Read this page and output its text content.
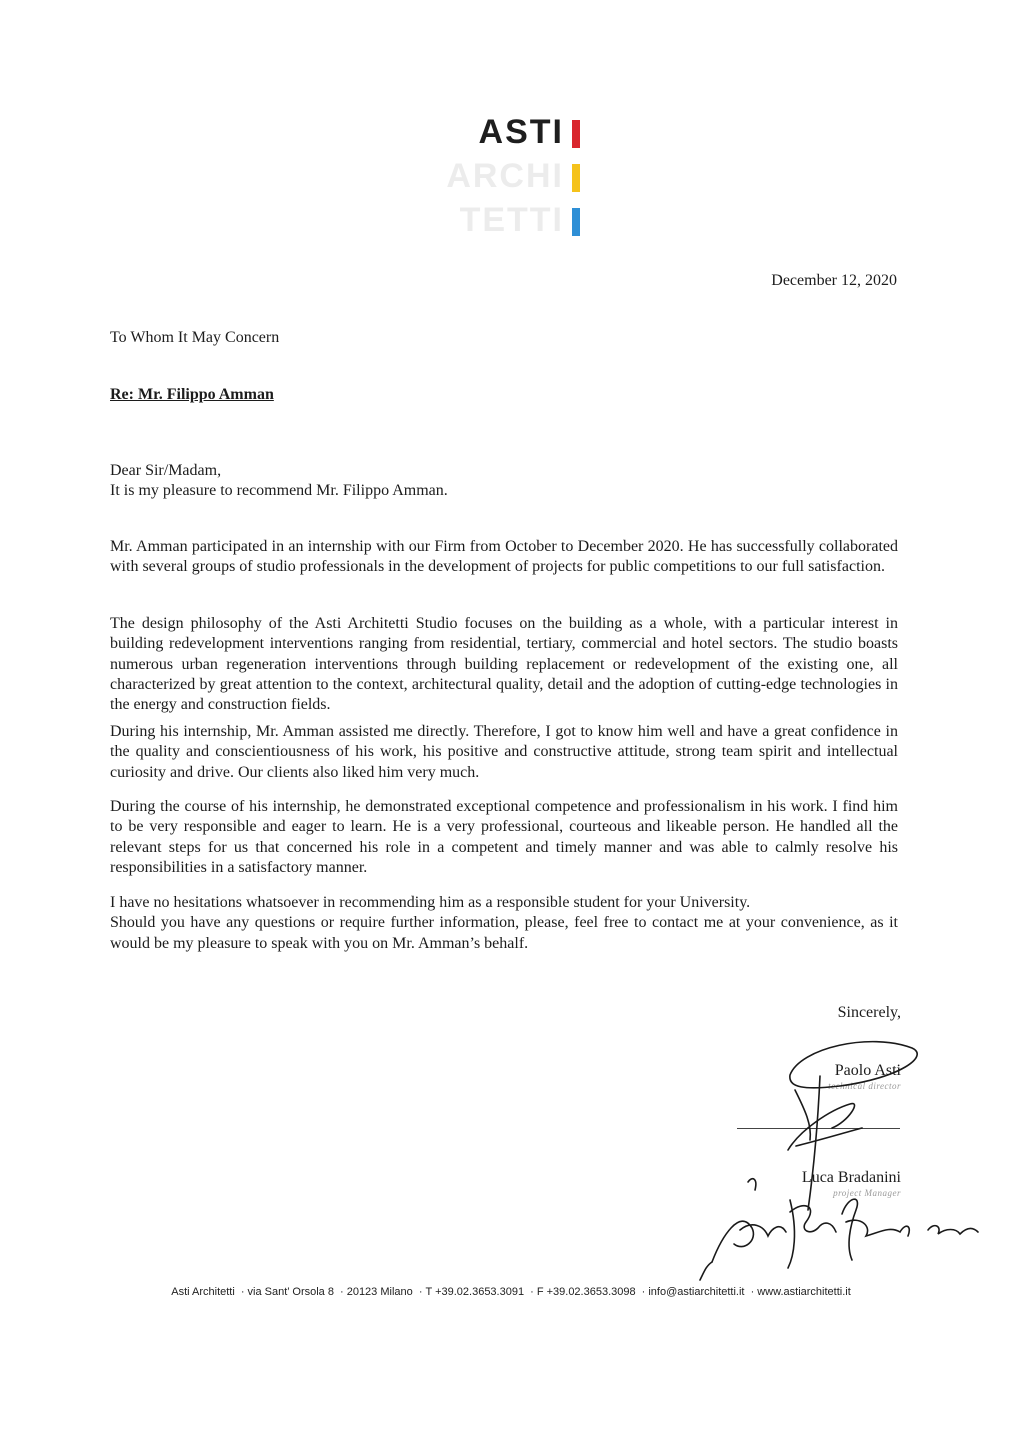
ASTI
ARCHI
TETTI
December 12, 2020
To Whom It May Concern
Re: Mr. Filippo Amman
Dear Sir/Madam,
It is my pleasure to recommend Mr. Filippo Amman.

Mr. Amman participated in an internship with our Firm from October to December 2020. He has successfully collaborated with several groups of studio professionals in the development of projects for public competitions to our full satisfaction.

The design philosophy of the Asti Architetti Studio focuses on the building as a whole, with a particular interest in building redevelopment interventions ranging from residential, tertiary, commercial and hotel sectors. The studio boasts numerous urban regeneration interventions through building replacement or redevelopment of the existing one, all characterized by great attention to the context, architectural quality, detail and the adoption of cutting-edge technologies in the energy and construction fields.

During his internship, Mr. Amman assisted me directly. Therefore, I got to know him well and have a great confidence in the quality and conscientiousness of his work, his positive and constructive attitude, strong team spirit and intellectual curiosity and drive. Our clients also liked him very much.

During the course of his internship, he demonstrated exceptional competence and professionalism in his work. I find him to be very responsible and eager to learn. He is a very professional, courteous and likeable person. He handled all the relevant steps for us that concerned his role in a competent and timely manner and was able to calmly resolve his responsibilities in a satisfactory manner.

I have no hesitations whatsoever in recommending him as a responsible student for your University.
Should you have any questions or require further information, please, feel free to contact me at your convenience, as it would be my pleasure to speak with you on Mr. Amman’s behalf.
Sincerely,
Paolo Asti
technical director
Luca Bradanini
project Manager
Asti Architetti · via Sant’ Orsola 8 · 20123 Milano · T +39.02.3653.3091 · F +39.02.3653.3098 · info@astiarchitetti.it · www.astiarchitetti.it
